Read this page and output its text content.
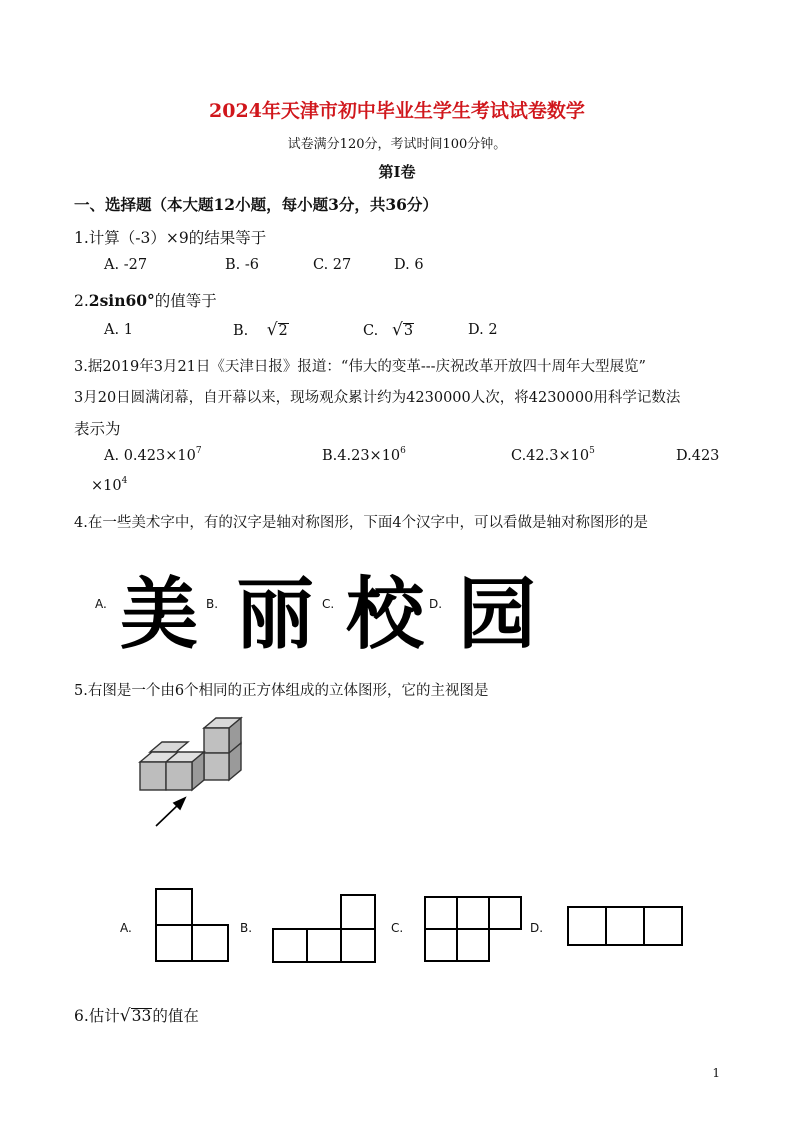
2024年天津市初中毕业生学生考试试卷数学
试卷满分120分，考试时间100分钟。
第I卷
一、选择题（本大题12小题，每小题3分，共36分）
1.计算（-3）×9的结果等于
A. -27	B. -6	C. 27	D. 6
2.2sin60°的值等于
A. 1	B. √2	C. √3	D. 2
3.据2019年3月21日《天津日报》报道：“伟大的变革---庆祝改革开放四十周年大型展览”
3月20日圆满闭幕，自开幕以来，现场观众累计约为4230000人次，将4230000用科学记数法
表示为
A. $0.423\times 10^7$	$B.4.23\times 10^6$	$C.42.3\times 10^5$	D.423
$\times 10^4$
4.在一些美术字中，有的汉字是轴对称图形，下面4个汉字中，可以看做是轴对称图形的是
A. 美 B. 丽 C. 校 D. 园
5.右图是一个由6个相同的正方体组成的立体图形，它的主视图是
A.	B.	C.	D.
6.估计√33的值在
1
